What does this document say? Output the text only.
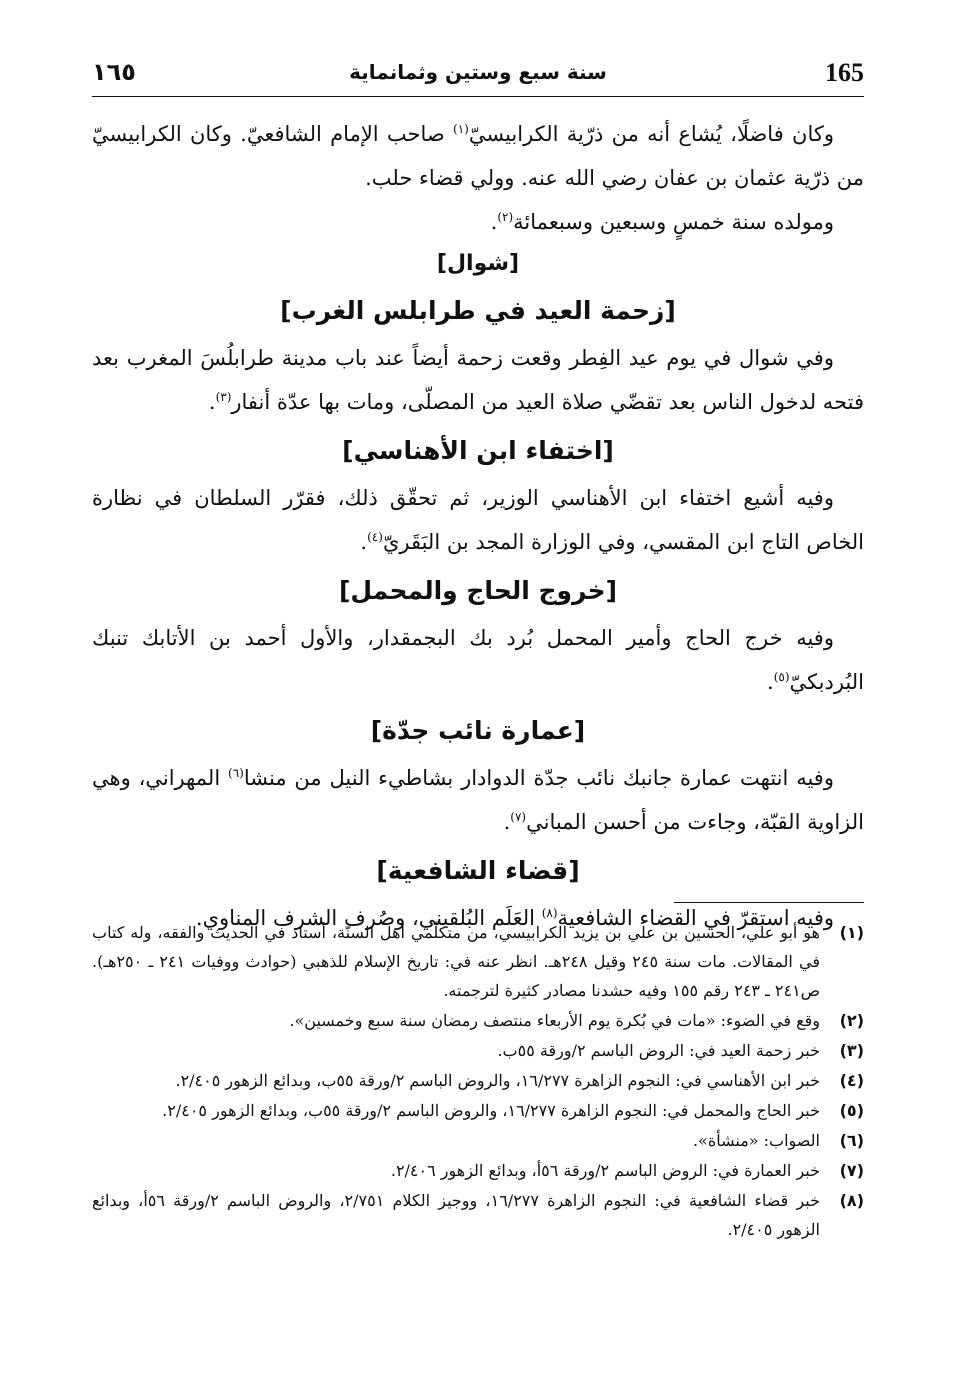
165
سنة سبع وستين وثمانماية
١٦٥

وكان فاضلًا، يُشاع أنه من ذرّية الكرابيسيّ$^{(١)}$ صاحب الإمام الشافعيّ. وكان الكرابيسيّ من ذرّية عثمان بن عفان رضي الله عنه. وولي قضاء حلب.

ومولده سنة خمسٍ وسبعين وسبعمائة$^{(٢)}$.

[شوال]
[زحمة العيد في طرابلس الغرب]

وفي شوال في يوم عيد الفِطر وقعت زحمة أيضاً عند باب مدينة طرابلُسَ المغرب بعد فتحه لدخول الناس بعد تقضّي صلاة العيد من المصلّى، ومات بها عدّة أنفار$^{(٣)}$.

[اختفاء ابن الأهناسي]

وفيه أشيع اختفاء ابن الأهناسي الوزير، ثم تحقّق ذلك، فقرّر السلطان في نظارة الخاص التاج ابن المقسي، وفي الوزارة المجد بن البَقَريّ$^{(٤)}$.

[خروج الحاج والمحمل]

وفيه خرج الحاج وأمير المحمل بُرد بك البجمقدار، والأول أحمد بن الأتابك تنبك البُردبكيّ$^{(٥)}$.

[عمارة نائب جدّة]

وفيه انتهت عمارة جانبك نائب جدّة الدوادار بشاطيء النيل من منشا$^{(٦)}$ المهراني، وهي الزاوية القبّة، وجاءت من أحسن المباني$^{(٧)}$.

[قضاء الشافعية]

وفيه استقرّ في القضاء الشافعية$^{(٨)}$ العَلَم البُلقيني، وصُرف الشرف المناوي.

(١)
هو أبو علي، الحسين بن علي بن يزيد الكرابيسي، من متكلّمي أهل السنّة، أستاذ في الحديث والفقه، وله كتاب في المقالات. مات سنة ٢٤٥ وقيل ٢٤٨هـ. انظر عنه في: تاريخ الإسلام للذهبي (حوادث ووفيات ٢٤١ ـ ٢٥٠هـ). ص٢٤١ ـ ٢٤٣ رقم ١٥٥ وفيه حشدنا مصادر كثيرة لترجمته.
(٢)
وقع في الضوء: «مات في بُكرة يوم الأربعاء منتصف رمضان سنة سبع وخمسين».
(٣)
خبر زحمة العيد في: الروض الباسم ٢/ورقة ٥٥ب.
(٤)
خبر ابن الأهناسي في: النجوم الزاهرة ١٦/٢٧٧، والروض الباسم ٢/ورقة ٥٥ب، وبدائع الزهور ٢/٤٠٥.
(٥)
خبر الحاج والمحمل في: النجوم الزاهرة ١٦/٢٧٧، والروض الباسم ٢/ورقة ٥٥ب، وبدائع الزهور ٢/٤٠٥.
(٦)
الصواب: «منشأة».
(٧)
خبر العمارة في: الروض الباسم ٢/ورقة ٥٦أ، وبدائع الزهور ٢/٤٠٦.
(٨)
خبر قضاء الشافعية في: النجوم الزاهرة ١٦/٢٧٧، ووجيز الكلام ٢/٧٥١، والروض الباسم ٢/ورقة ٥٦أ، وبدائع الزهور ٢/٤٠٥.
